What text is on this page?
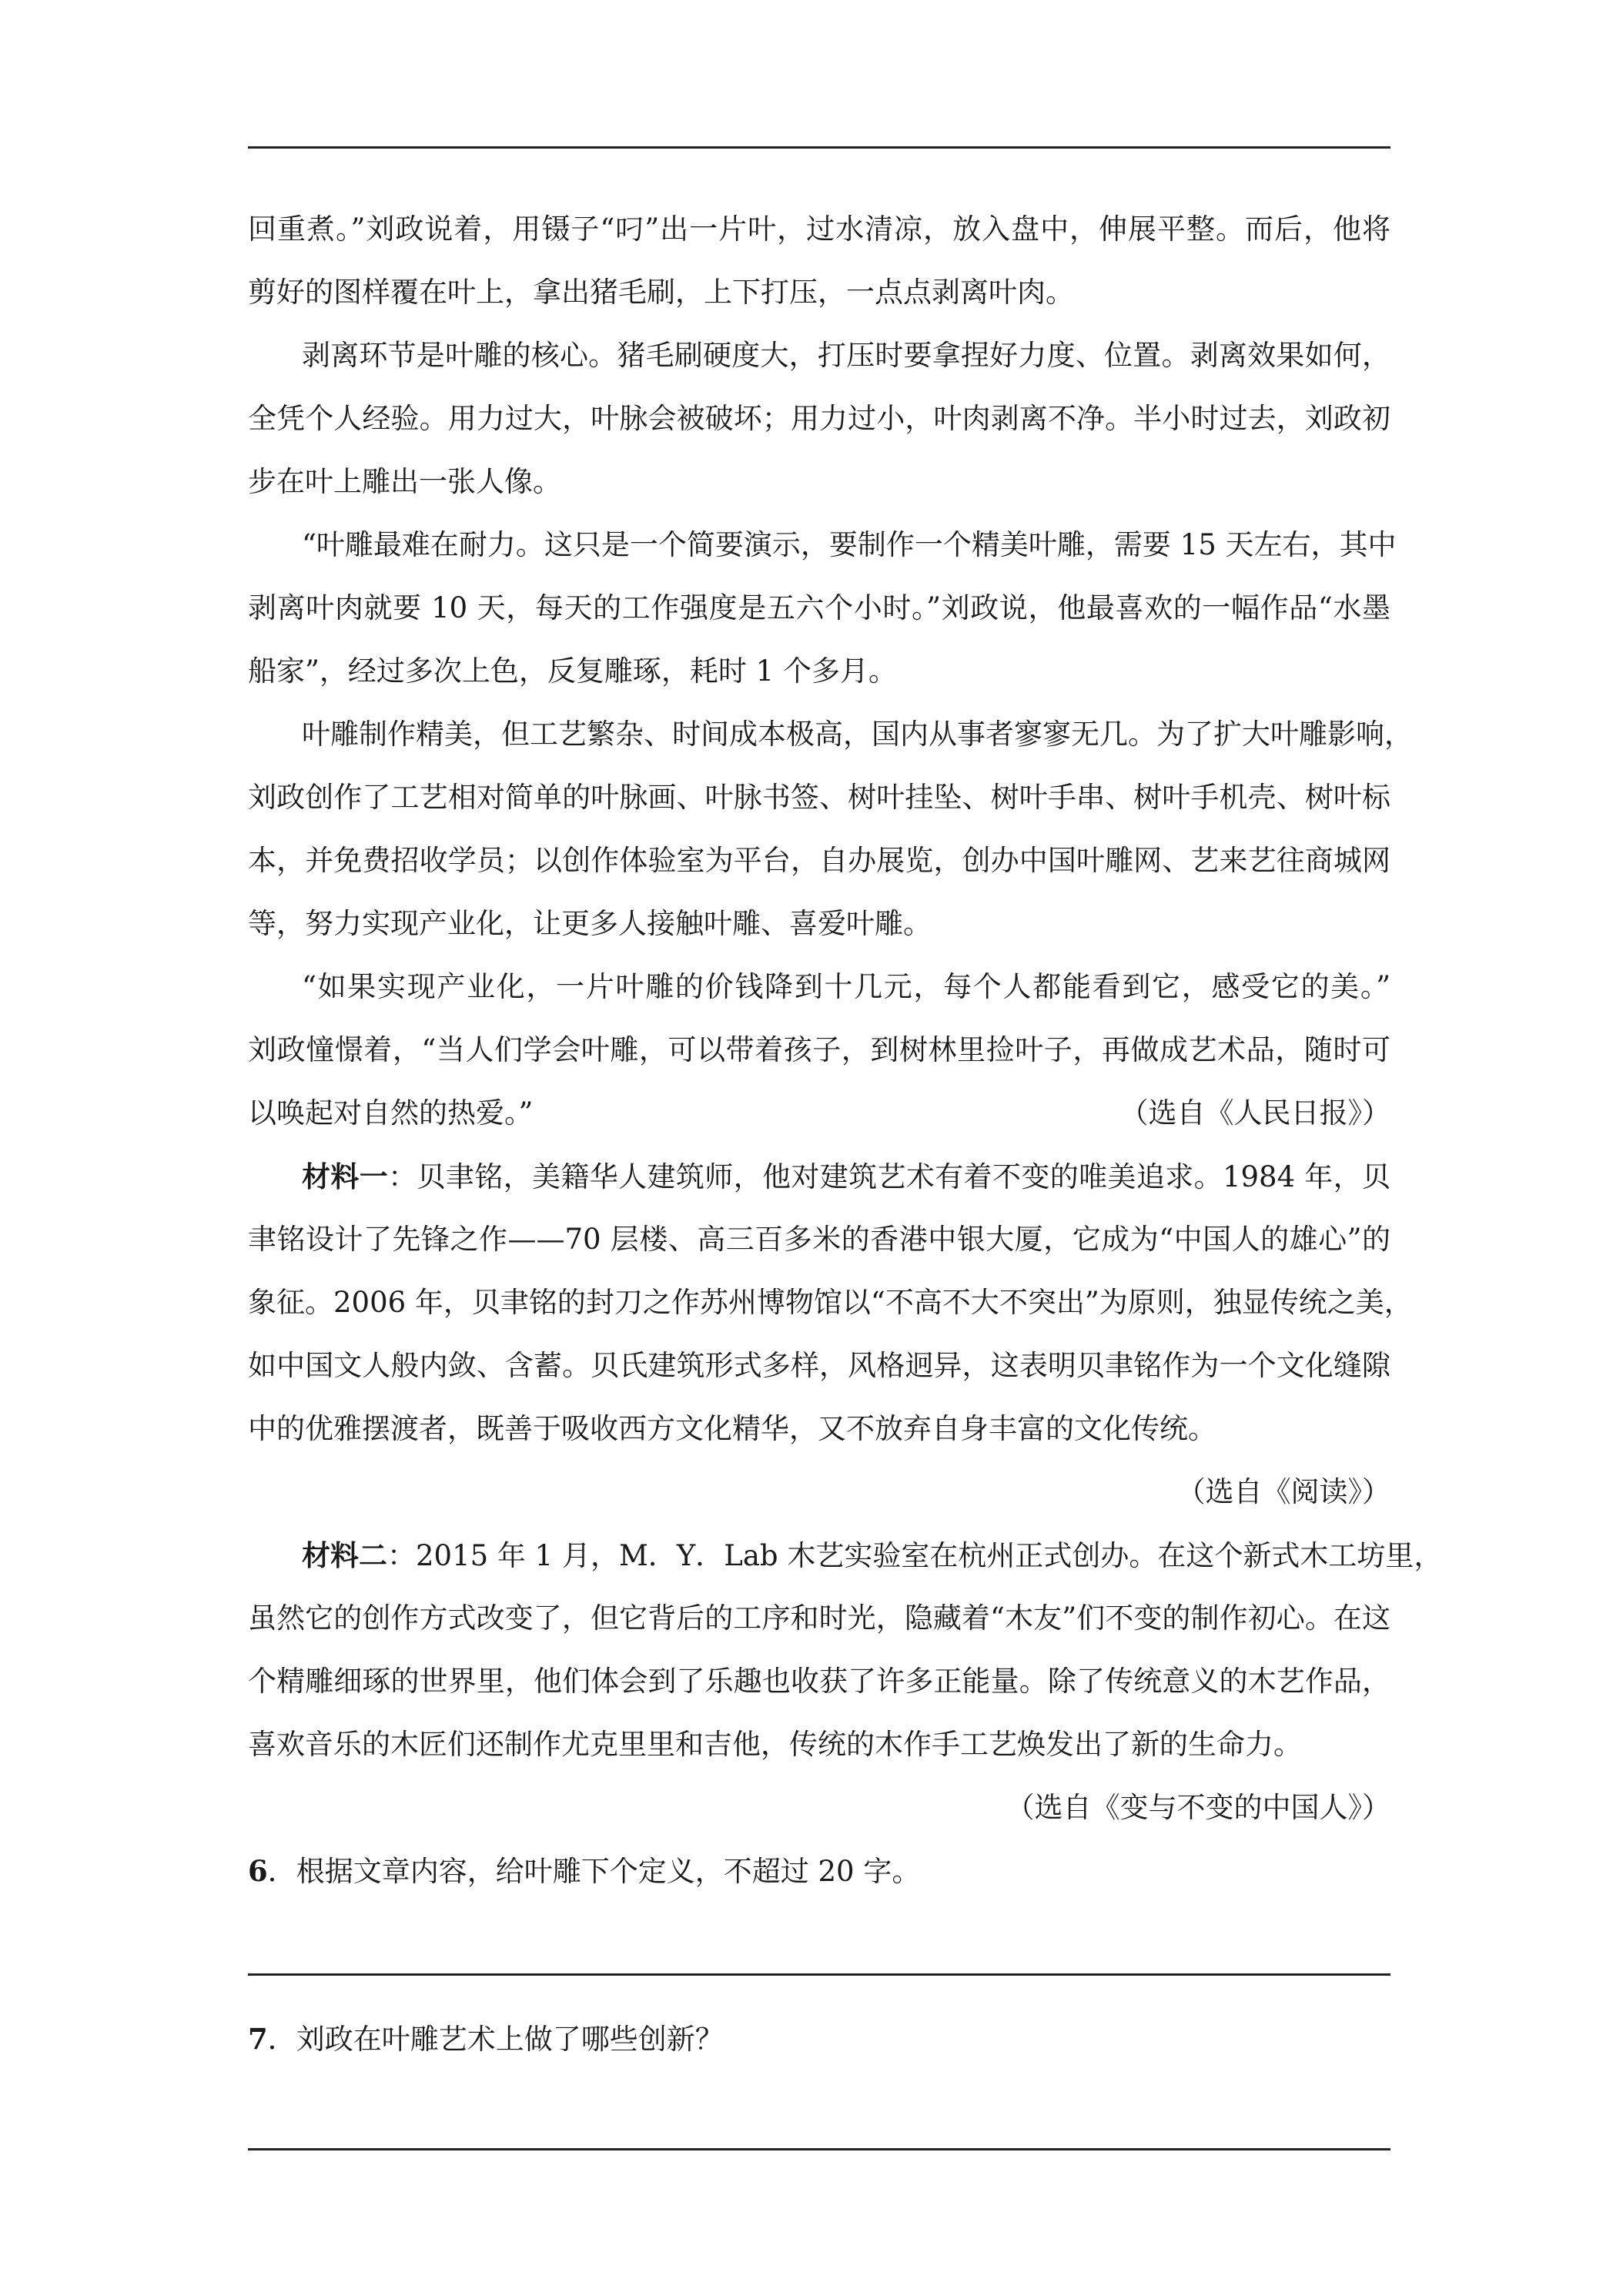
回重煮。”刘政说着，用镊子“叼”出一片叶，过水清凉，放入盘中，伸展平整。而后，他将
剪好的图样覆在叶上，拿出猪毛刷，上下打压，一点点剥离叶肉。
剥离环节是叶雕的核心。猪毛刷硬度大，打压时要拿捏好力度、位置。剥离效果如何，
全凭个人经验。用力过大，叶脉会被破坏；用力过小，叶肉剥离不净。半小时过去，刘政初
步在叶上雕出一张人像。
“叶雕最难在耐力。这只是一个简要演示，要制作一个精美叶雕，需要 15 天左右，其中
剥离叶肉就要 10 天，每天的工作强度是五六个小时。”刘政说，他最喜欢的一幅作品“水墨
船家”，经过多次上色，反复雕琢，耗时 1 个多月。
叶雕制作精美，但工艺繁杂、时间成本极高，国内从事者寥寥无几。为了扩大叶雕影响，
刘政创作了工艺相对简单的叶脉画、叶脉书签、树叶挂坠、树叶手串、树叶手机壳、树叶标
本，并免费招收学员；以创作体验室为平台，自办展览，创办中国叶雕网、艺来艺往商城网
等，努力实现产业化，让更多人接触叶雕、喜爱叶雕。
“如果实现产业化，一片叶雕的价钱降到十几元，每个人都能看到它，感受它的美。”
刘政憧憬着，“当人们学会叶雕，可以带着孩子，到树林里捡叶子，再做成艺术品，随时可
以唤起对自然的热爱。”	（选自《人民日报》）
材料一：贝聿铭，美籍华人建筑师，他对建筑艺术有着不变的唯美追求。1984 年，贝
聿铭设计了先锋之作——70 层楼、高三百多米的香港中银大厦，它成为“中国人的雄心”的
象征。2006 年，贝聿铭的封刀之作苏州博物馆以“不高不大不突出”为原则，独显传统之美，
如中国文人般内敛、含蓄。贝氏建筑形式多样，风格迥异，这表明贝聿铭作为一个文化缝隙
中的优雅摆渡者，既善于吸收西方文化精华，又不放弃自身丰富的文化传统。
（选自《阅读》）
材料二：2015 年 1 月，M．Y．Lab 木艺实验室在杭州正式创办。在这个新式木工坊里，
虽然它的创作方式改变了，但它背后的工序和时光，隐藏着“木友”们不变的制作初心。在这
个精雕细琢的世界里，他们体会到了乐趣也收获了许多正能量。除了传统意义的木艺作品，
喜欢音乐的木匠们还制作尤克里里和吉他，传统的木作手工艺焕发出了新的生命力。
（选自《变与不变的中国人》）
6．根据文章内容，给叶雕下个定义，不超过 20 字。
7．刘政在叶雕艺术上做了哪些创新？
